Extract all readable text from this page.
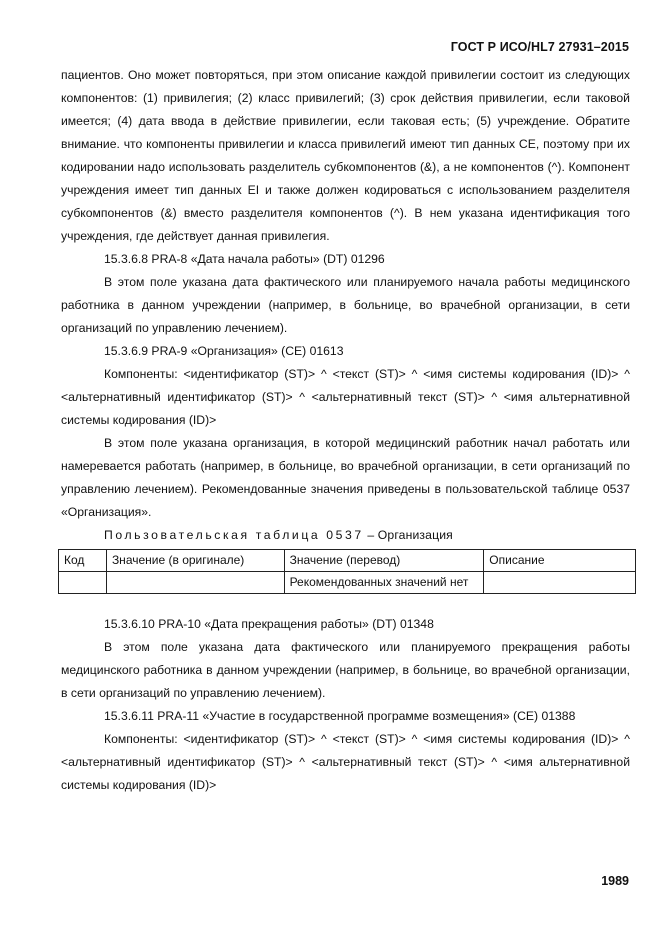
ГОСТ Р ИСО/HL7 27931–2015

пациентов. Оно может повторяться, при этом описание каждой привилегии состоит из следующих компонентов: (1) привилегия; (2) класс привилегий; (3) срок действия привилегии, если таковой имеется; (4) дата ввода в действие привилегии, если таковая есть; (5) учреждение. Обратите внимание. что компоненты привилегии и класса привилегий имеют тип данных СЕ, поэтому при их кодировании надо использовать разделитель субкомпонентов (&), а не компонентов (^). Компонент учреждения имеет тип данных EI и также должен кодироваться с использованием разделителя субкомпонентов (&) вместо разделителя компонентов (^). В нем указана идентификация того учреждения, где действует данная привилегия.

15.3.6.8 PRA-8 «Дата начала работы» (DT) 01296

В этом поле указана дата фактического или планируемого начала работы медицинского работника в данном учреждении (например, в больнице, во врачебной организации, в сети организаций по управлению лечением).

15.3.6.9 PRA-9 «Организация» (СЕ) 01613

Компоненты: <идентификатор (ST)> ^ <текст (ST)> ^ <имя системы кодирования (ID)> ^ <альтернативный идентификатор (ST)> ^ <альтернативный текст (ST)> ^ <имя альтернативной системы кодирования (ID)>

В этом поле указана организация, в которой медицинский работник начал работать или намеревается работать (например, в больнице, во врачебной организации, в сети организаций по управлению лечением). Рекомендованные значения приведены в пользовательской таблице 0537 «Организация».

Пользовательская таблица 0537 – Организация

Код	Значение (в оригинале)	Значение (перевод)	Описание
		Рекомендованных значений нет	

15.3.6.10 PRA-10 «Дата прекращения работы» (DT) 01348

В этом поле указана дата фактического или планируемого прекращения работы медицинского работника в данном учреждении (например, в больнице, во врачебной организации, в сети организаций по управлению лечением).

15.3.6.11 PRA-11 «Участие в государственной программе возмещения» (СЕ) 01388

Компоненты: <идентификатор (ST)> ^ <текст (ST)> ^ <имя системы кодирования (ID)> ^ <альтернативный идентификатор (ST)> ^ <альтернативный текст (ST)> ^ <имя альтернативной системы кодирования (ID)>

1989
